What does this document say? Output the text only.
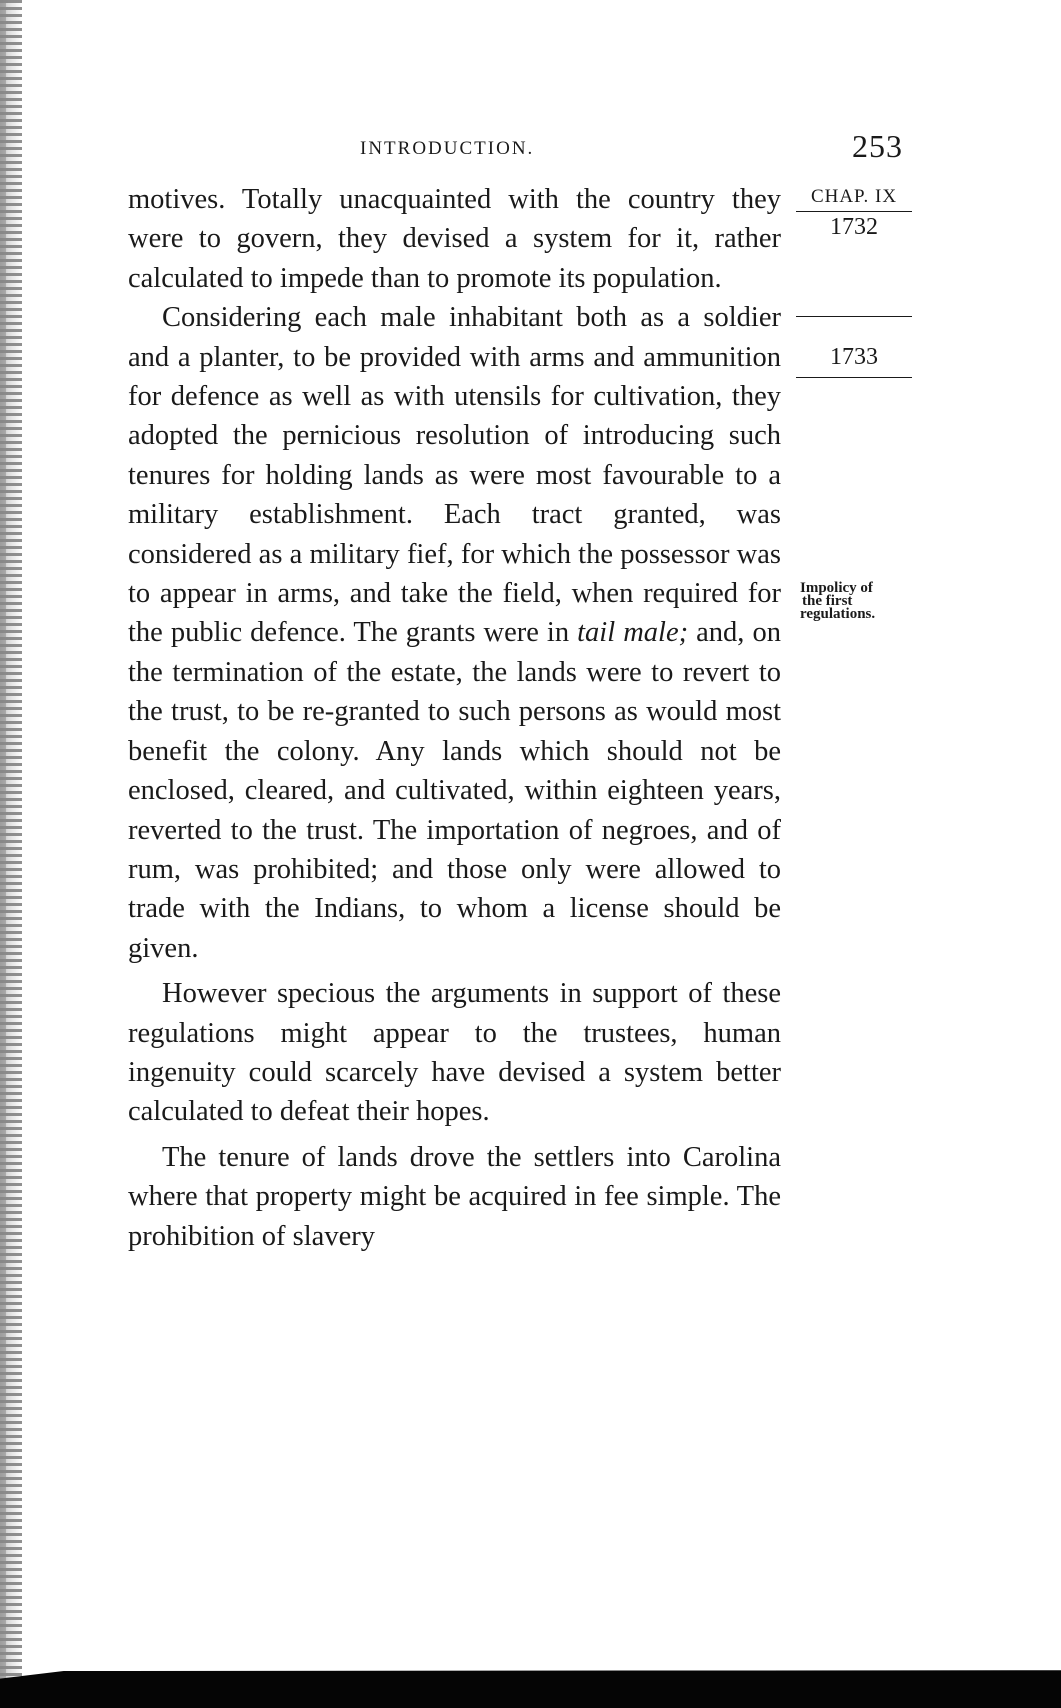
INTRODUCTION.	253
CHAP. IX
1732
1733
Impolicy of
the first
regulations.

motives. Totally unacquainted with the country they were to govern, they devised a system for it, rather calculated to impede than to promote its population.

Considering each male inhabitant both as a soldier and a planter, to be provided with arms and ammunition for defence as well as with utensils for cultivation, they adopted the pernicious resolution of introducing such tenures for holding lands as were most favourable to a military establishment. Each tract granted, was considered as a military fief, for which the possessor was to appear in arms, and take the field, when required for the public defence. The grants were in tail male; and, on the termination of the estate, the lands were to revert to the trust, to be re-granted to such persons as would most benefit the colony. Any lands which should not be enclosed, cleared, and cultivated, within eighteen years, reverted to the trust. The importation of negroes, and of rum, was prohibited; and those only were allowed to trade with the Indians, to whom a license should be given.

However specious the arguments in support of these regulations might appear to the trustees, human ingenuity could scarcely have devised a system better calculated to defeat their hopes.

The tenure of lands drove the settlers into Carolina where that property might be acquired in fee simple. The prohibition of slavery
